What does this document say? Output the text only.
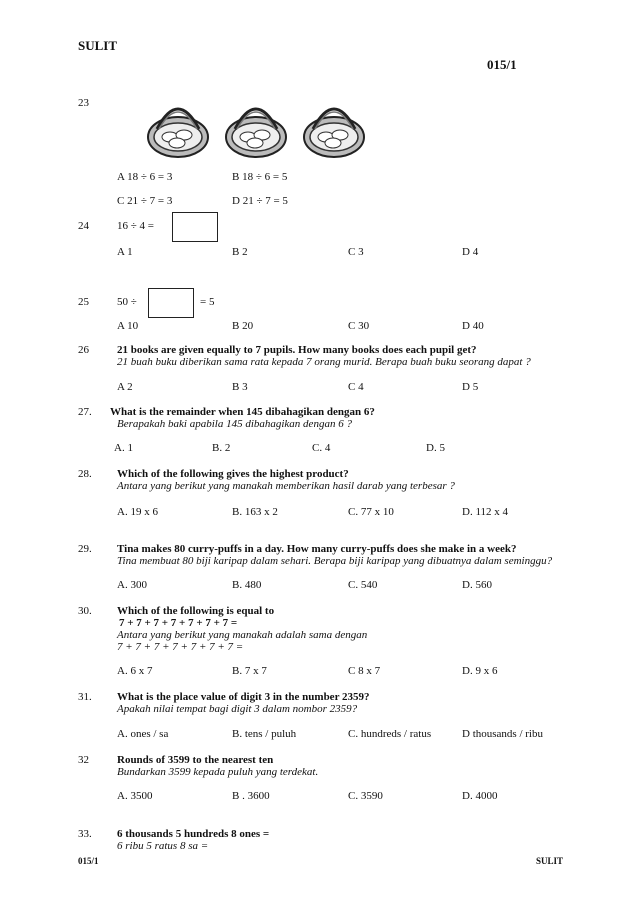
SULIT
015/1
23
A 18 ÷ 6 = 3	B 18 ÷ 6 = 5
C 21 ÷ 7 = 3	D 21 ÷ 7 = 5
24	16 ÷ 4 =
A 1	B 2	C 3	D 4
25	50 ÷	= 5
A 10	B 20	C 30	D 40
26	21 books are given equally to 7 pupils. How many books does each pupil get?
21 buah buku diberikan sama rata kepada 7 orang murid. Berapa buah buku seorang dapat ?
A 2	B 3	C 4	D 5
27. What is the remainder when 145 dibahagikan dengan 6?
Berapakah baki apabila 145 dibahagikan dengan 6 ?
A. 1	B. 2	C. 4	D. 5
28. Which of the following gives the highest product?
Antara yang berikut yang manakah memberikan hasil darab yang terbesar ?
A. 19 x 6	B. 163 x 2	C. 77 x 10	D. 112 x 4
29. Tina makes 80 curry-puffs in a day. How many curry-puffs does she make in a week?
Tina membuat 80 biji karipap dalam sehari. Berapa biji karipap yang dibuatnya dalam seminggu?
A. 300	B. 480	C. 540	D. 560
30. Which of the following is equal to
7 + 7 + 7 + 7 + 7 + 7 + 7 =
Antara yang berikut yang manakah adalah sama dengan
7 + 7 + 7 + 7 + 7 + 7 + 7 =
A. 6 x 7	B. 7 x 7	C 8 x 7	D. 9 x 6
31. What is the place value of digit 3 in the number 2359?
Apakah nilai tempat bagi digit 3 dalam nombor 2359?
A. ones / sa	B. tens / puluh	C. hundreds / ratus	D thousands / ribu
32	Rounds of 3599 to the nearest ten
Bundarkan 3599 kepada puluh yang terdekat.
A. 3500	B . 3600	C. 3590	D. 4000
33. 6 thousands 5 hundreds 8 ones =
6 ribu 5 ratus 8 sa =
015/1	SULIT
